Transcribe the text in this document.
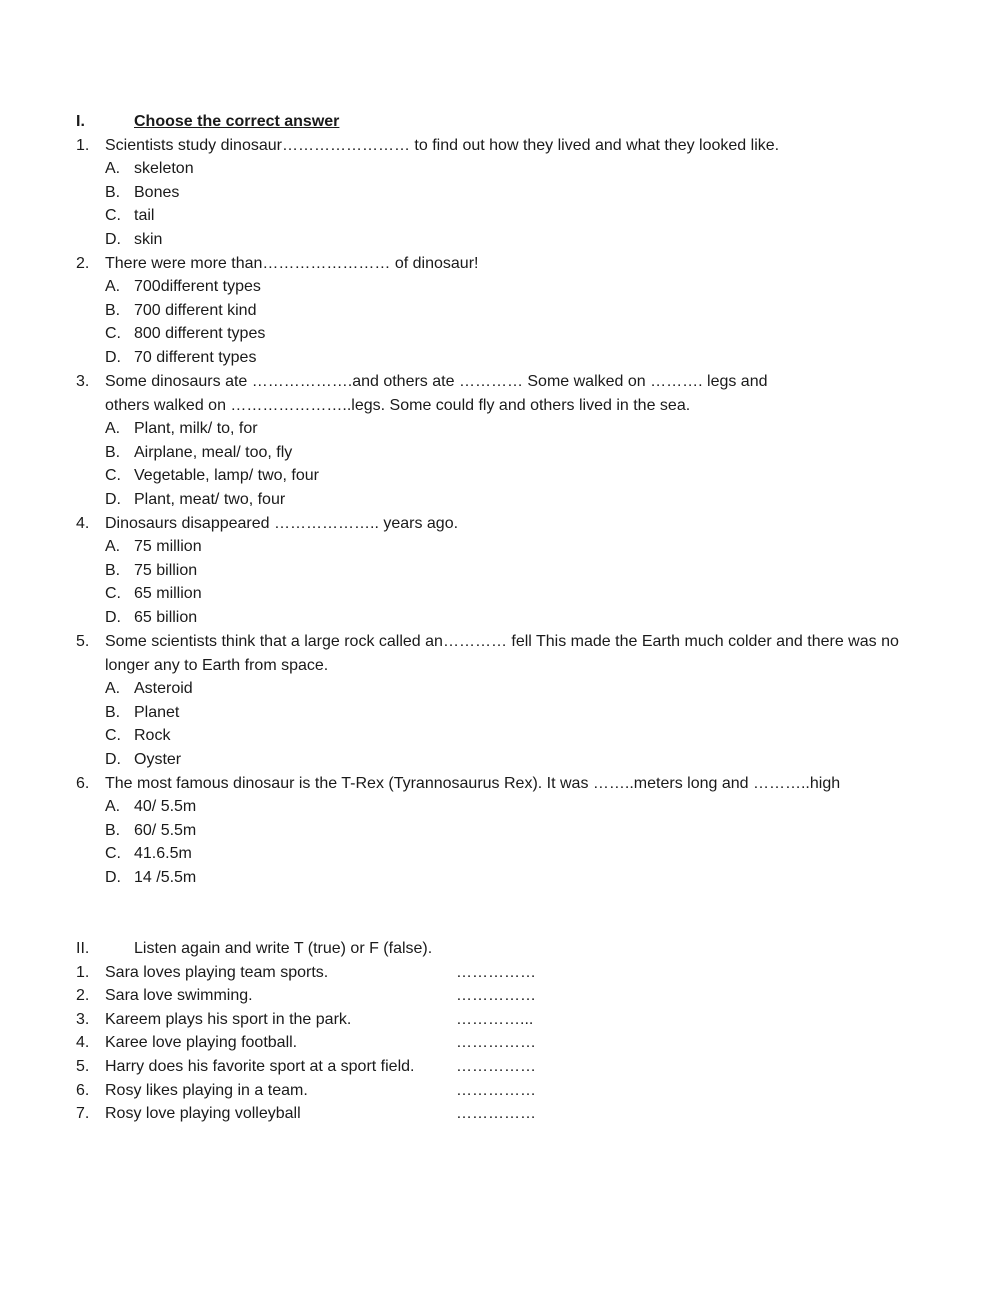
I.	Choose the correct answer
1. Scientists study dinosaur…………………… to find out how they lived and what they looked like.
A. skeleton
B. Bones
C. tail
D. skin
2. There were more than…………………… of dinosaur!
A. 700different types
B. 700 different kind
C. 800 different types
D. 70 different types
3. Some dinosaurs ate ……………….and others ate ………… Some walked on ………. legs and
others walked on …………………..legs. Some could fly and others lived in the sea.
A. Plant, milk/ to, for
B. Airplane, meal/ too, fly
C. Vegetable, lamp/ two, four
D. Plant, meat/ two, four
4. Dinosaurs disappeared ……………….. years ago.
A. 75 million
B. 75 billion
C. 65 million
D. 65 billion
5. Some scientists think that a large rock called an………… fell This made the Earth much colder and there was no
longer any to Earth from space.
A. Asteroid
B. Planet
C. Rock
D. Oyster
6. The most famous dinosaur is the T-Rex (Tyrannosaurus Rex). It was ……..meters long and ………..high
A. 40/ 5.5m
B. 60/ 5.5m
C. 41.6.5m
D. 14 /5.5m
II.	Listen again and write T (true) or F (false).
1. Sara loves playing team sports.	……………
2. Sara love swimming.	……………
3. Kareem plays his sport in the park.	…………...
4. Karee love playing football.	……………
5. Harry does his favorite sport at a sport field.	……………
6. Rosy likes playing in a team.	……………
7. Rosy love playing volleyball	……………
